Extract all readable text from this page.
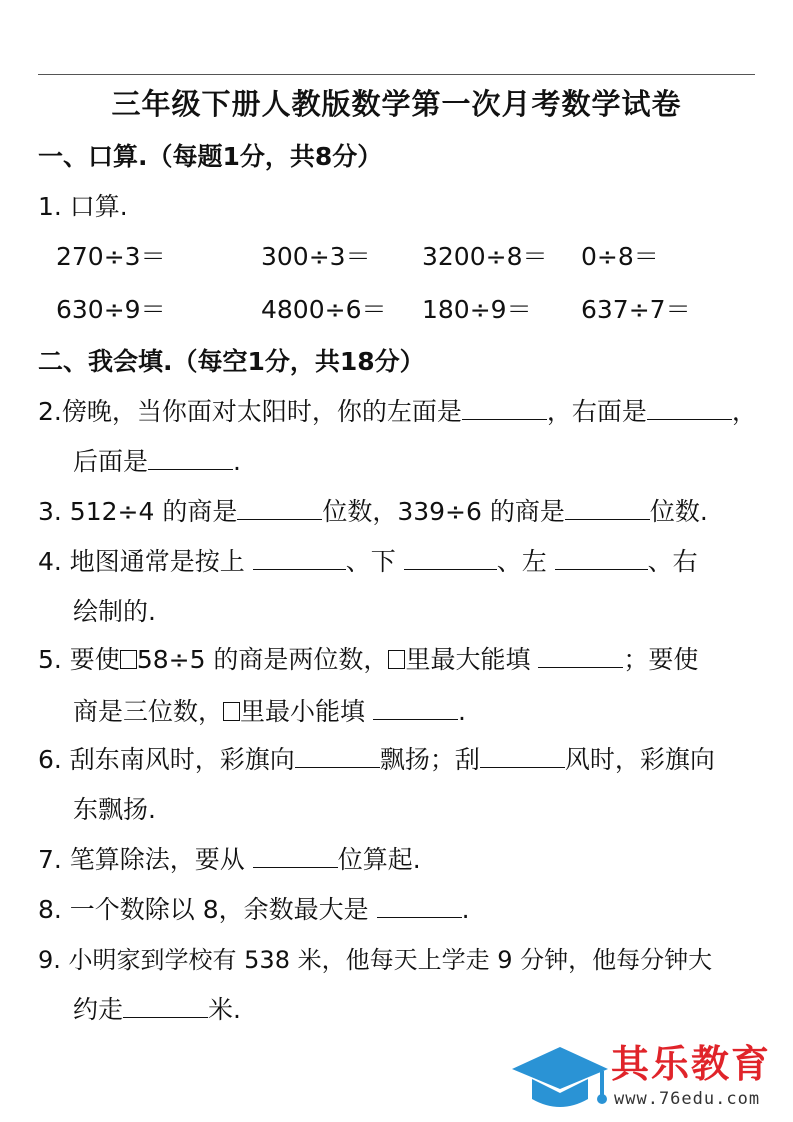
三年级下册人教版数学第一次月考数学试卷
一、口算.（每题1分，共8分）
1. 口算.
270÷3＝	300÷3＝ 3200÷8＝ 0÷8＝
630÷9＝	4800÷6＝ 180÷9＝ 637÷7＝
二、我会填.（每空1分，共18分）
2.傍晚，当你面对太阳时，你的左面是	，右面是	，
后面是	.
3. 512÷4 的商是	位数，339÷6 的商是	位数.
4. 地图通常是按上	、下	、左	、右
绘制的.
5. 要使 58÷5 的商是两位数， 里最大能填	；要使
商是三位数， 里最小能填	.
6. 刮东南风时，彩旗向	飘扬；刮	风时，彩旗向
东飘扬.
7. 笔算除法，要从	位算起.
8. 一个数除以 8，余数最大是	.
9. 小明家到学校有 538 米，他每天上学走 9 分钟，他每分钟大
约走	米.
其乐教育
www.76edu.com
